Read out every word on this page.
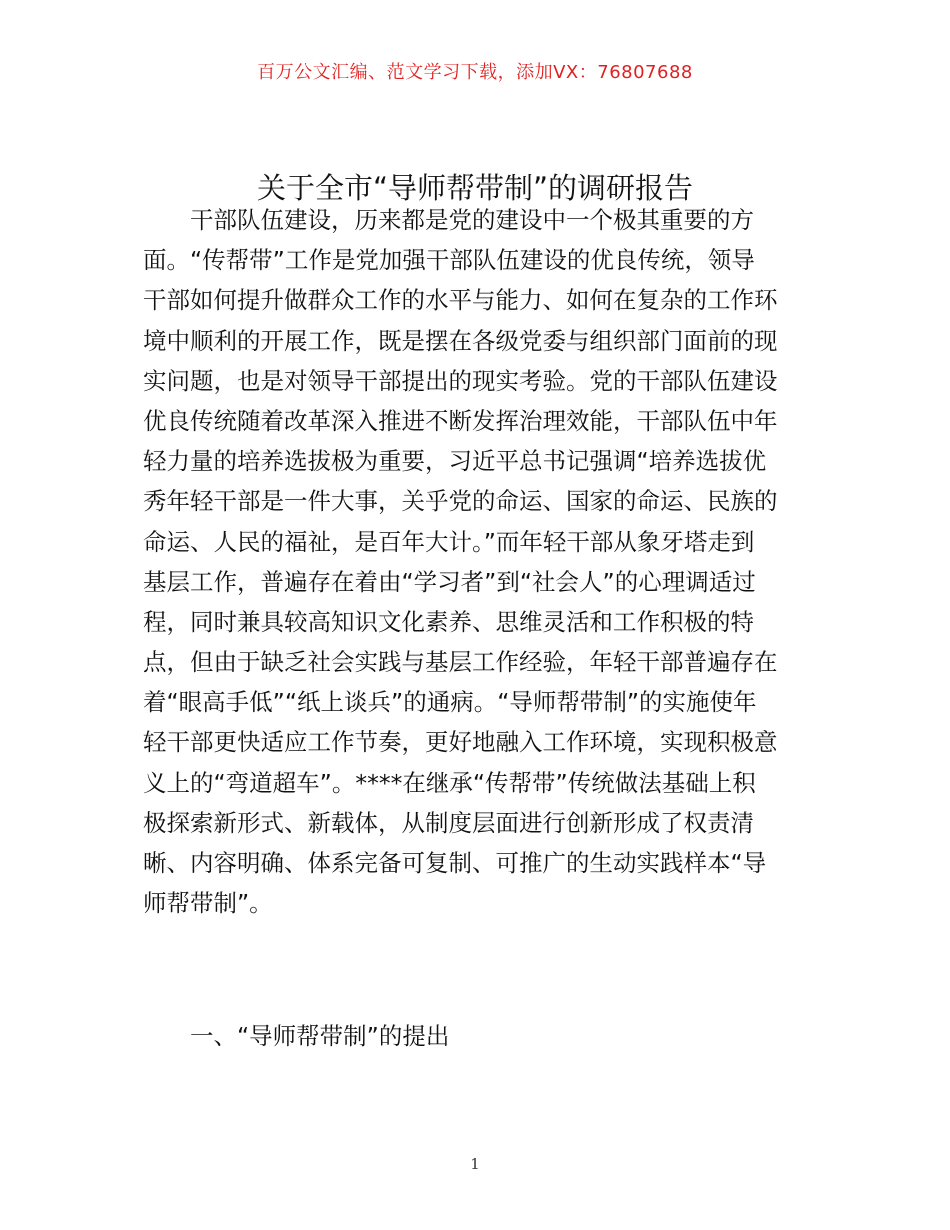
百万公文汇编、范文学习下载，添加VX：76807688
关于全市“导师帮带制”的调研报告
干部队伍建设，历来都是党的建设中一个极其重要的方
面。“传帮带”工作是党加强干部队伍建设的优良传统，领导
干部如何提升做群众工作的水平与能力、如何在复杂的工作环
境中顺利的开展工作，既是摆在各级党委与组织部门面前的现
实问题，也是对领导干部提出的现实考验。党的干部队伍建设
优良传统随着改革深入推进不断发挥治理效能，干部队伍中年
轻力量的培养选拔极为重要，习近平总书记强调“培养选拔优
秀年轻干部是一件大事，关乎党的命运、国家的命运、民族的
命运、人民的福祉，是百年大计。”而年轻干部从象牙塔走到
基层工作，普遍存在着由“学习者”到“社会人”的心理调适过
程，同时兼具较高知识文化素养、思维灵活和工作积极的特
点，但由于缺乏社会实践与基层工作经验，年轻干部普遍存在
着“眼高手低”“纸上谈兵”的通病。“导师帮带制”的实施使年
轻干部更快适应工作节奏，更好地融入工作环境，实现积极意
义上的“弯道超车”。****在继承“传帮带”传统做法基础上积
极探索新形式、新载体，从制度层面进行创新形成了权责清
晰、内容明确、体系完备可复制、可推广的生动实践样本“导
师帮带制”。
一、“导师帮带制”的提出
1
